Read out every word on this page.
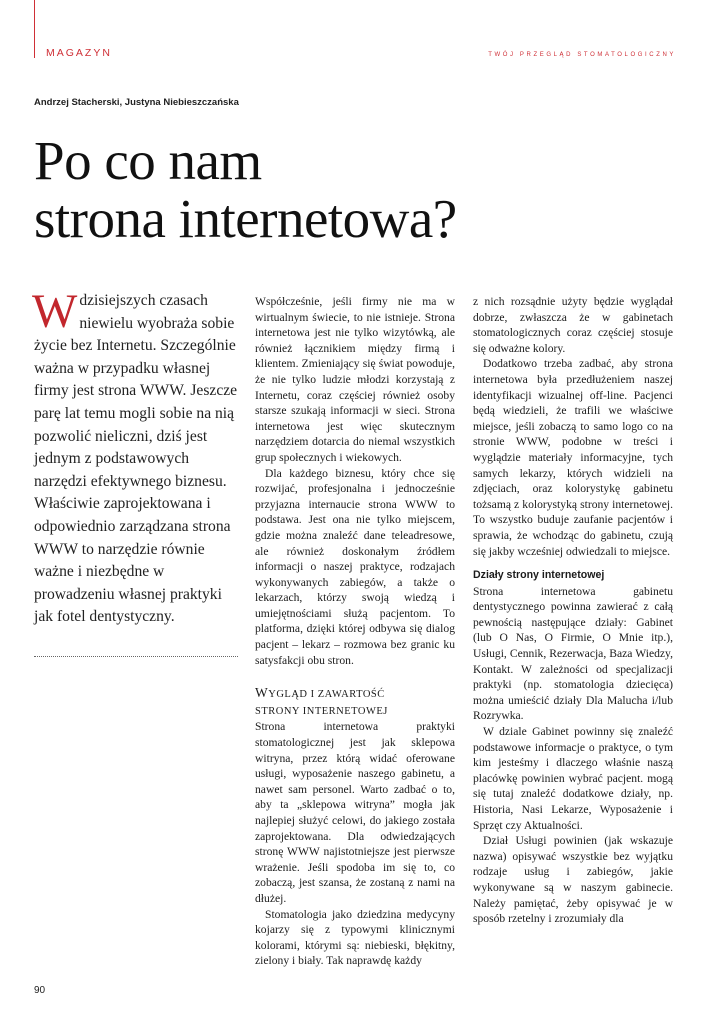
MAGAZYN	TWÓJ PRZEGLĄD STOMATOLOGICZNY
Andrzej Stacherski, Justyna Niebieszczańska
Po co nam
strona internetowa?
W dzisiejszych czasach niewielu wyobraża sobie życie bez Internetu. Szczególnie ważna w przypadku własnej firmy jest strona WWW. Jeszcze parę lat temu mogli sobie na nią pozwolić nieliczni, dziś jest jednym z podstawowych narzędzi efektywnego biznesu. Właściwie zaprojektowana i odpowiednio zarządzana strona WWW to narzędzie równie ważne i niezbędne w prowadzeniu własnej praktyki jak fotel dentystyczny.

Współcześnie, jeśli firmy nie ma w wirtualnym świecie, to nie istnieje. Strona internetowa jest nie tylko wizytówką, ale również łącznikiem między firmą i klientem. Zmieniający się świat powoduje, że nie tylko ludzie młodzi korzystają z Internetu, coraz częściej również osoby starsze szukają informacji w sieci. Strona internetowa jest więc skutecznym narzędziem dotarcia do niemal wszystkich grup społecznych i wiekowych.

Dla każdego biznesu, który chce się rozwijać, profesjonalna i jednocześnie przyjazna internaucie strona WWW to podstawa. Jest ona nie tylko miejscem, gdzie można znaleźć dane teleadresowe, ale również doskonałym źródłem informacji o naszej praktyce, rodzajach wykonywanych zabiegów, a także o lekarzach, którzy swoją wiedzą i umiejętnościami służą pacjentom. To platforma, dzięki której odbywa się dialog pacjent – lekarz – rozmowa bez granic ku satysfakcji obu stron.

WYGLĄD I ZAWARTOŚĆ
STRONY INTERNETOWEJ

Strona internetowa praktyki stomatologicznej jest jak sklepowa witryna, przez którą widać oferowane usługi, wyposażenie naszego gabinetu, a nawet sam personel. Warto zadbać o to, aby ta „sklepowa witryna” mogła jak najlepiej służyć celowi, do jakiego została zaprojektowana. Dla odwiedzających stronę WWW najistotniejsze jest pierwsze wrażenie. Jeśli spodoba im się to, co zobaczą, jest szansa, że zostaną z nami na dłużej.

Stomatologia jako dziedzina medycyny kojarzy się z typowymi klinicznymi kolorami, którymi są: niebieski, błękitny, zielony i biały. Tak naprawdę każdy

z nich rozsądnie użyty będzie wyglądał dobrze, zwłaszcza że w gabinetach stomatologicznych coraz częściej stosuje się odważne kolory.

Dodatkowo trzeba zadbać, aby strona internetowa była przedłużeniem naszej identyfikacji wizualnej off-line. Pacjenci będą wiedzieli, że trafili we właściwe miejsce, jeśli zobaczą to samo logo co na stronie WWW, podobne w treści i wyglądzie materiały informacyjne, tych samych lekarzy, których widzieli na zdjęciach, oraz kolorystykę gabinetu tożsamą z kolorystyką strony internetowej. To wszystko buduje zaufanie pacjentów i sprawia, że wchodząc do gabinetu, czują się jakby wcześniej odwiedzali to miejsce.

Działy strony internetowej

Strona internetowa gabinetu dentystycznego powinna zawierać z całą pewnością następujące działy: Gabinet (lub O Nas, O Firmie, O Mnie itp.), Usługi, Cennik, Rezerwacja, Baza Wiedzy, Kontakt. W zależności od specjalizacji praktyki (np. stomatologia dziecięca) można umieścić działy Dla Malucha i/lub Rozrywka.

W dziale Gabinet powinny się znaleźć podstawowe informacje o praktyce, o tym kim jesteśmy i dlaczego właśnie naszą placówkę powinien wybrać pacjent. mogą się tutaj znaleźć dodatkowe działy, np. Historia, Nasi Lekarze, Wyposażenie i Sprzęt czy Aktualności.

Dział Usługi powinien (jak wskazuje nazwa) opisywać wszystkie bez wyjątku rodzaje usług i zabiegów, jakie wykonywane są w naszym gabinecie. Należy pamiętać, żeby opisywać je w sposób rzetelny i zrozumiały dla

90
